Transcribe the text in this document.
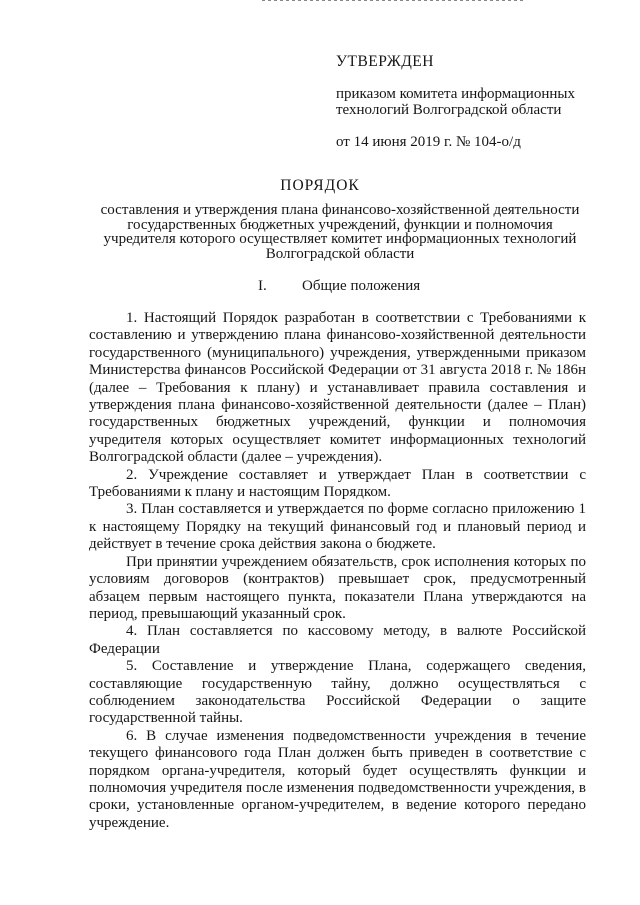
УТВЕРЖДЕН
приказом комитета информационных
технологий Волгоградской области
от 14 июня 2019 г. № 104-о/д
ПОРЯДОК
составления и утверждения плана финансово-хозяйственной деятельности государственных бюджетных учреждений, функции и полномочия учредителя которого осуществляет комитет информационных технологий Волгоградской области
I. Общие положения

1. Настоящий Порядок разработан в соответствии с Требованиями к составлению и утверждению плана финансово-хозяйственной деятельности государственного (муниципального) учреждения, утвержденными приказом Министерства финансов Российской Федерации от 31 августа 2018 г. № 186н (далее – Требования к плану) и устанавливает правила составления и утверждения плана финансово-хозяйственной деятельности (далее – План) государственных бюджетных учреждений, функции и полномочия учредителя которых осуществляет комитет информационных технологий Волгоградской области (далее – учреждения).

2. Учреждение составляет и утверждает План в соответствии с Требованиями к плану и настоящим Порядком.

3. План составляется и утверждается по форме согласно приложению 1 к настоящему Порядку на текущий финансовый год и плановый период и действует в течение срока действия закона о бюджете.

При принятии учреждением обязательств, срок исполнения которых по условиям договоров (контрактов) превышает срок, предусмотренный абзацем первым настоящего пункта, показатели Плана утверждаются на период, превышающий указанный срок.

4. План составляется по кассовому методу, в валюте Российской Федерации

5. Составление и утверждение Плана, содержащего сведения, составляющие государственную тайну, должно осуществляться с соблюдением законодательства Российской Федерации о защите государственной тайны.

6. В случае изменения подведомственности учреждения в течение текущего финансового года План должен быть приведен в соответствие с порядком органа-учредителя, который будет осуществлять функции и полномочия учредителя после изменения подведомственности учреждения, в сроки, установленные органом-учредителем, в ведение которого передано учреждение.
